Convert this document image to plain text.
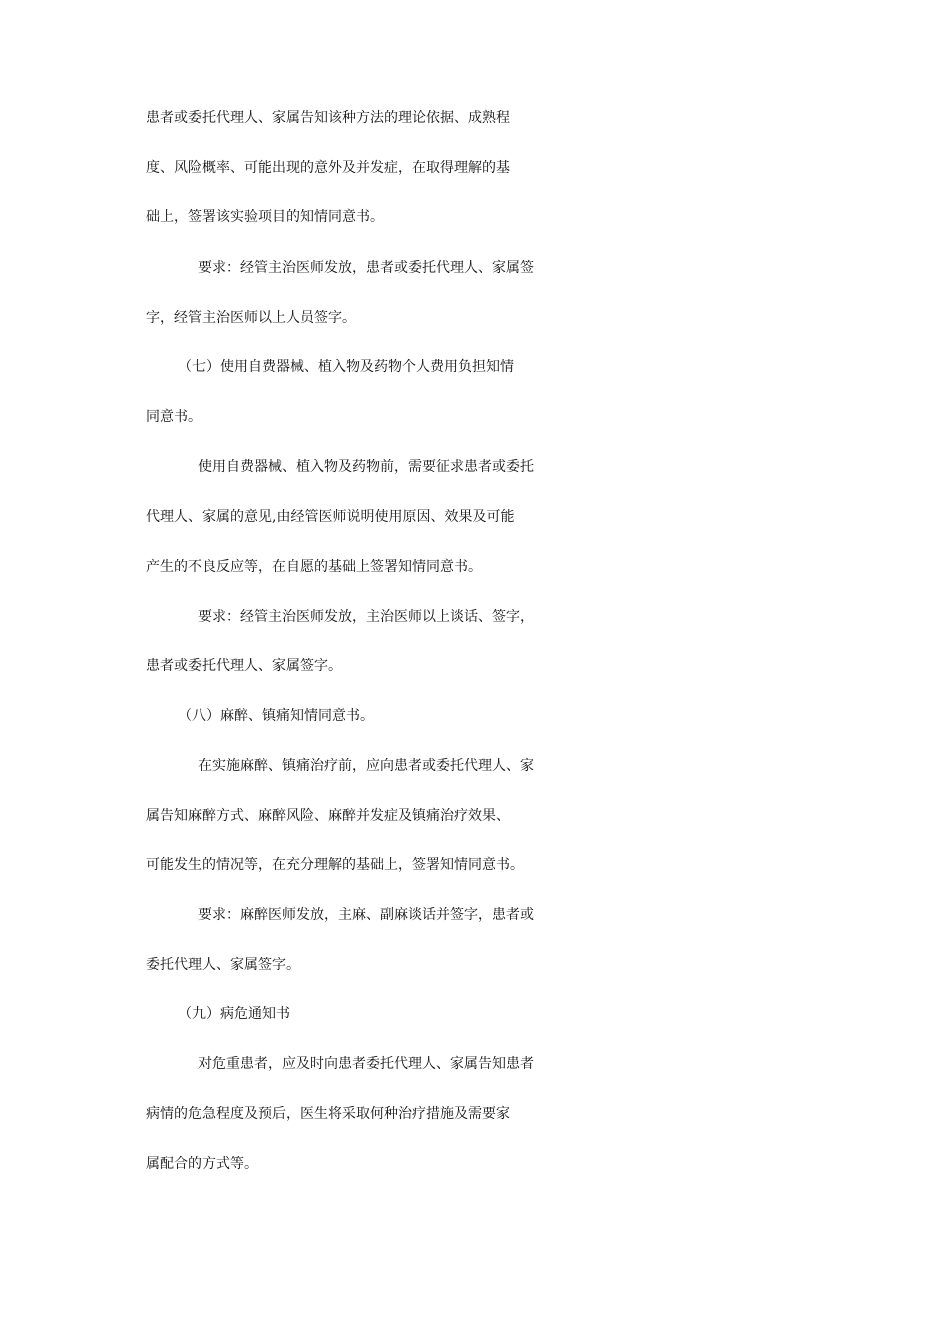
患者或委托代理人、家属告知该种方法的理论依据、成熟程
度、风险概率、可能出现的意外及并发症，在取得理解的基
础上，签署该实验项目的知情同意书。
要求：经管主治医师发放，患者或委托代理人、家属签
字，经管主治医师以上人员签字。
（七）使用自费器械、植入物及药物个人费用负担知情
同意书。
使用自费器械、植入物及药物前，需要征求患者或委托
代理人、家属的意见,由经管医师说明使用原因、效果及可能
产生的不良反应等，在自愿的基础上签署知情同意书。
要求：经管主治医师发放，主治医师以上谈话、签字，
患者或委托代理人、家属签字。
（八）麻醉、镇痛知情同意书。
在实施麻醉、镇痛治疗前，应向患者或委托代理人、家
属告知麻醉方式、麻醉风险、麻醉并发症及镇痛治疗效果、
可能发生的情况等，在充分理解的基础上，签署知情同意书。
要求：麻醉医师发放，主麻、副麻谈话并签字，患者或
委托代理人、家属签字。
（九）病危通知书
对危重患者，应及时向患者委托代理人、家属告知患者
病情的危急程度及预后，医生将采取何种治疗措施及需要家
属配合的方式等。
